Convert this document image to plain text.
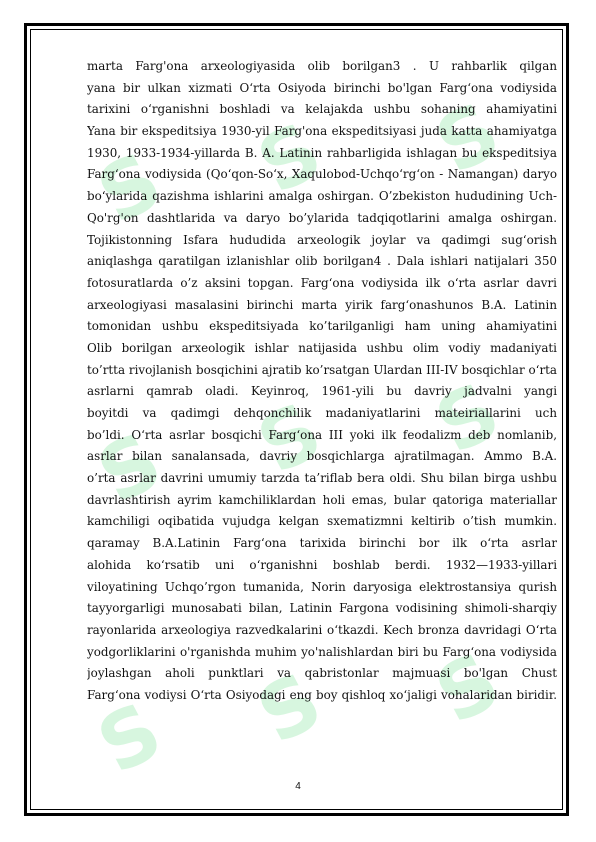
S S S
S S S
S S S
marta Farg'ona arxeologiyasida olib borilgan3 . U rahbarlik qilgan
yana bir ulkan xizmati O‘rta Osiyoda birinchi bo'lgan Farg‘ona vodiysida
tarixini o‘rganishni boshladi va kelajakda ushbu sohaning ahamiyatini
Yana bir ekspeditsiya 1930-yil Farg'ona ekspeditsiyasi juda katta ahamiyatga
1930, 1933-1934-yillarda B. A. Latinin rahbarligida ishlagan bu ekspeditsiya
Farg‘ona vodiysida (Qo‘qon-So‘x, Xaqulobod-Uchqo‘rg‘on - Namangan) daryo
bo‘ylarida qazishma ishlarini amalga oshirgan. O’zbekiston hududining Uch-
Qo'rg'on dashtlarida va daryo bo’ylarida tadqiqotlarini amalga oshirgan.
Tojikistonning Isfara hududida arxeologik joylar va qadimgi sug‘orish
aniqlashga qaratilgan izlanishlar olib borilgan4 . Dala ishlari natijalari 350
fotosuratlarda o’z aksini topgan. Farg‘ona vodiysida ilk o‘rta asrlar davri
arxeologiyasi masalasini birinchi marta yirik farg‘onashunos B.A. Latinin
tomonidan ushbu ekspeditsiyada ko’tarilganligi ham uning ahamiyatini
Olib borilgan arxeologik ishlar natijasida ushbu olim vodiy madaniyati
to’rtta rivojlanish bosqichini ajratib ko’rsatgan Ulardan III-IV bosqichlar o‘rta
asrlarni qamrab oladi. Keyinroq, 1961-yili bu davriy jadvalni yangi
boyitdi va qadimgi dehqonchilik madaniyatlarini mateiriallarini uch
bo’ldi. O‘rta asrlar bosqichi Farg‘ona III yoki ilk feodalizm deb nomlanib,
asrlar bilan sanalansada, davriy bosqichlarga ajratilmagan. Ammo B.A.
o’rta asrlar davrini umumiy tarzda ta’riflab bera oldi. Shu bilan birga ushbu
davrlashtirish ayrim kamchiliklardan holi emas, bular qatoriga materiallar
kamchiligi oqibatida vujudga kelgan sxematizmni keltirib o’tish mumkin.
qaramay B.A.Latinin Farg‘ona tarixida birinchi bor ilk o‘rta asrlar
alohida ko‘rsatib uni o‘rganishni boshlab berdi. 1932—1933-yillari
viloyatining Uchqo’rgon tumanida, Norin daryosiga elektrostansiya qurish
tayyorgarligi munosabati bilan, Latinin Fargona vodisining shimoli-sharqiy
rayonlarida arxeologiya razvedkalarini o‘tkazdi. Kech bronza davridagi O‘rta
yodgorliklarini o'rganishda muhim yo'nalishlardan biri bu Farg‘ona vodiysida
joylashgan aholi punktlari va qabristonlar majmuasi bo'lgan Chust
Farg‘ona vodiysi O‘rta Osiyodagi eng boy qishloq xo‘jaligi vohalaridan biridir.
4
